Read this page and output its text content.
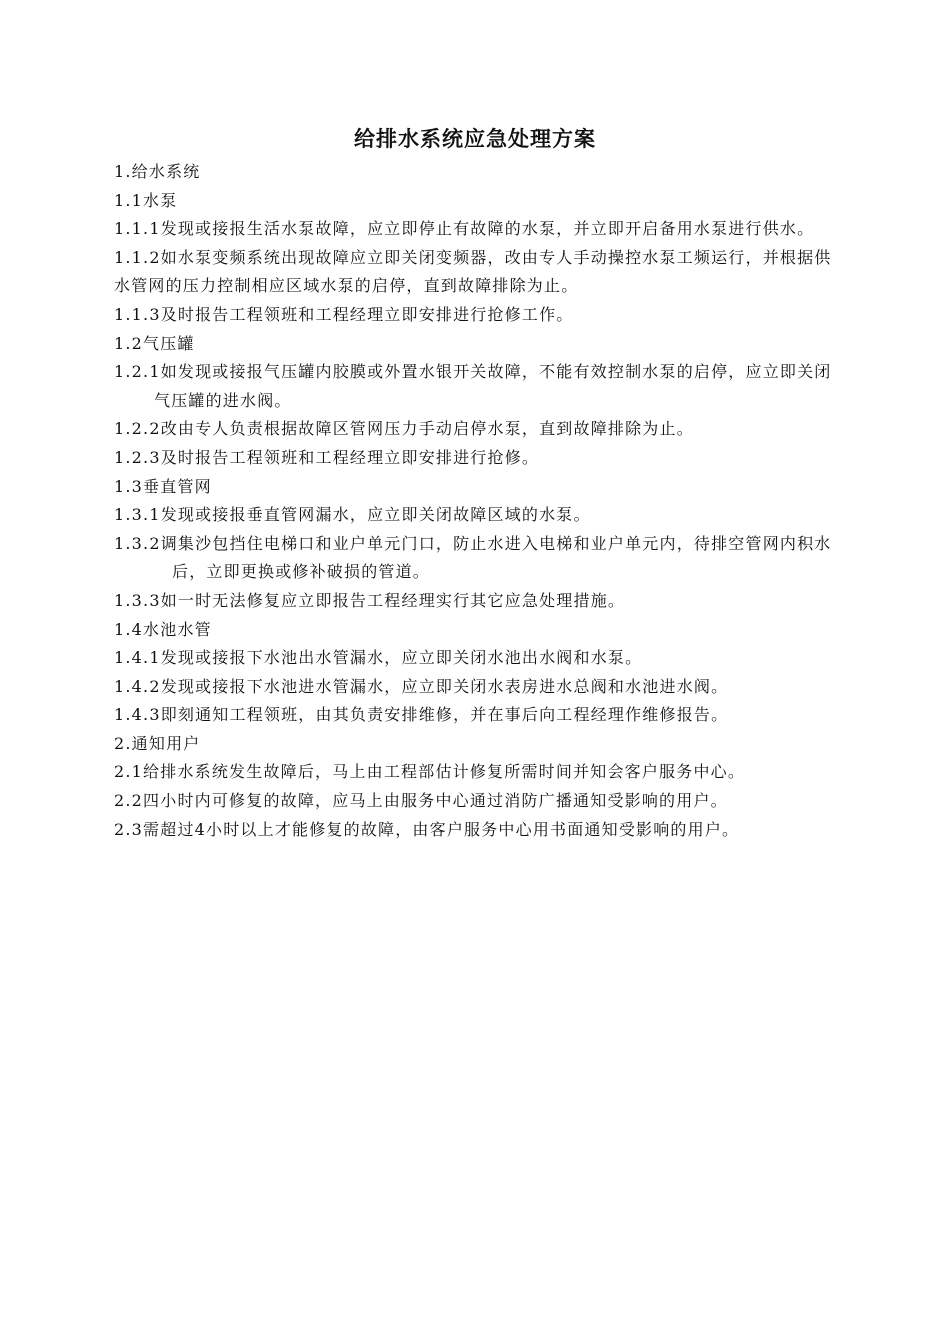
给排水系统应急处理方案
1.给水系统
1.1水泵
1.1.1发现或接报生活水泵故障，应立即停止有故障的水泵，并立即开启备用水泵进行供水。
1.1.2如水泵变频系统出现故障应立即关闭变频器，改由专人手动操控水泵工频运行，并根据供水管网的压力控制相应区域水泵的启停，直到故障排除为止。
1.1.3及时报告工程领班和工程经理立即安排进行抢修工作。
1.2气压罐
1.2.1如发现或接报气压罐内胶膜或外置水银开关故障，不能有效控制水泵的启停，应立即关闭气压罐的进水阀。
1.2.2改由专人负责根据故障区管网压力手动启停水泵，直到故障排除为止。
1.2.3及时报告工程领班和工程经理立即安排进行抢修。
1.3垂直管网
1.3.1发现或接报垂直管网漏水，应立即关闭故障区域的水泵。
1.3.2调集沙包挡住电梯口和业户单元门口，防止水进入电梯和业户单元内，待排空管网内积水后，立即更换或修补破损的管道。
1.3.3如一时无法修复应立即报告工程经理实行其它应急处理措施。
1.4水池水管
1.4.1发现或接报下水池出水管漏水，应立即关闭水池出水阀和水泵。
1.4.2发现或接报下水池进水管漏水，应立即关闭水表房进水总阀和水池进水阀。
1.4.3即刻通知工程领班，由其负责安排维修，并在事后向工程经理作维修报告。
2.通知用户
2.1给排水系统发生故障后，马上由工程部估计修复所需时间并知会客户服务中心。
2.2四小时内可修复的故障，应马上由服务中心通过消防广播通知受影响的用户。
2.3需超过4小时以上才能修复的故障，由客户服务中心用书面通知受影响的用户。
